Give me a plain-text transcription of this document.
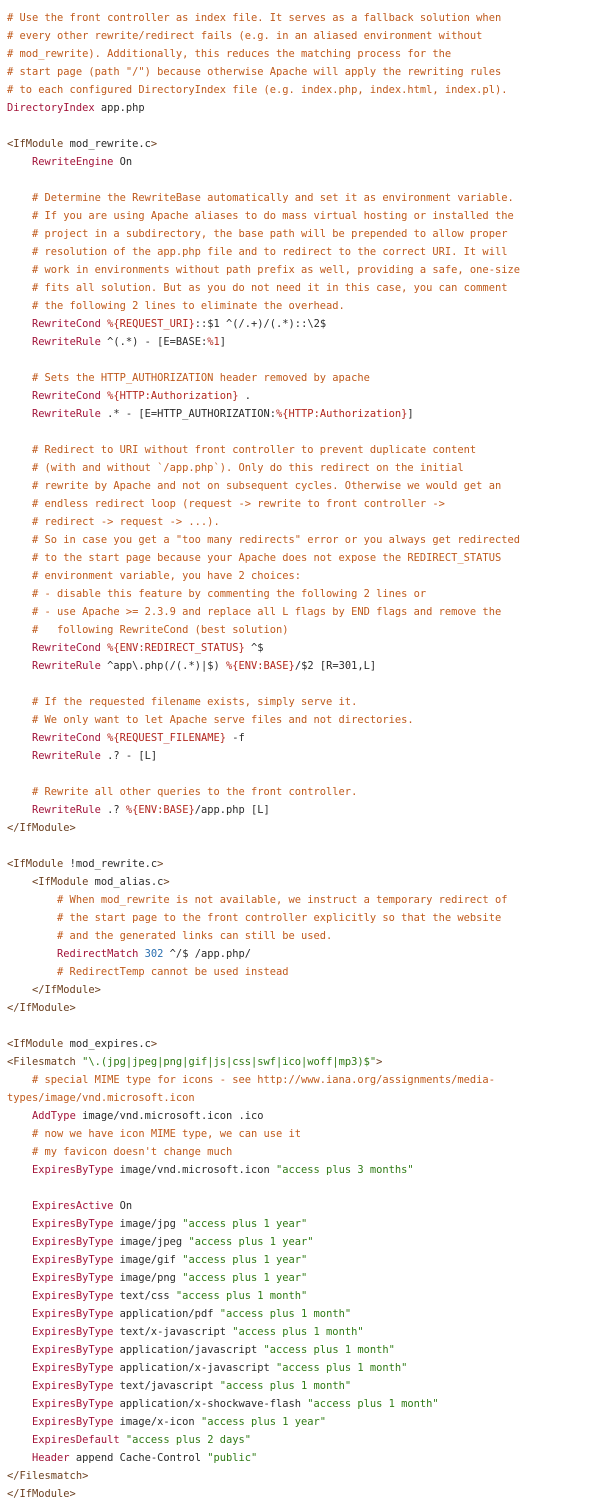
# Use the front controller as index file. It serves as a fallback solution when
# every other rewrite/redirect fails (e.g. in an aliased environment without
# mod_rewrite). Additionally, this reduces the matching process for the
# start page (path "/") because otherwise Apache will apply the rewriting rules
# to each configured DirectoryIndex file (e.g. index.php, index.html, index.pl).
DirectoryIndex app.php

<IfModule mod_rewrite.c>
RewriteEngine On

# Determine the RewriteBase automatically and set it as environment variable.
# If you are using Apache aliases to do mass virtual hosting or installed the
# project in a subdirectory, the base path will be prepended to allow proper
# resolution of the app.php file and to redirect to the correct URI. It will
# work in environments without path prefix as well, providing a safe, one-size
# fits all solution. But as you do not need it in this case, you can comment
# the following 2 lines to eliminate the overhead.
RewriteCond %{REQUEST_URI}::$1 ^(/.+)/(.*)::\2$
RewriteRule ^(.*) - [E=BASE:%1]

# Sets the HTTP_AUTHORIZATION header removed by apache
RewriteCond %{HTTP:Authorization} .
RewriteRule .* - [E=HTTP_AUTHORIZATION:%{HTTP:Authorization}]

# Redirect to URI without front controller to prevent duplicate content
# (with and without `/app.php`). Only do this redirect on the initial
# rewrite by Apache and not on subsequent cycles. Otherwise we would get an
# endless redirect loop (request -> rewrite to front controller ->
# redirect -> request -> ...).
# So in case you get a "too many redirects" error or you always get redirected
# to the start page because your Apache does not expose the REDIRECT_STATUS
# environment variable, you have 2 choices:
# - disable this feature by commenting the following 2 lines or
# - use Apache >= 2.3.9 and replace all L flags by END flags and remove the
#   following RewriteCond (best solution)
RewriteCond %{ENV:REDIRECT_STATUS} ^$
RewriteRule ^app\.php(/(.*)|$) %{ENV:BASE}/$2 [R=301,L]

# If the requested filename exists, simply serve it.
# We only want to let Apache serve files and not directories.
RewriteCond %{REQUEST_FILENAME} -f
RewriteRule .? - [L]

# Rewrite all other queries to the front controller.
RewriteRule .? %{ENV:BASE}/app.php [L]
</IfModule>

<IfModule !mod_rewrite.c>
<IfModule mod_alias.c>
# When mod_rewrite is not available, we instruct a temporary redirect of
# the start page to the front controller explicitly so that the website
# and the generated links can still be used.
RedirectMatch 302 ^/$ /app.php/
# RedirectTemp cannot be used instead
</IfModule>
</IfModule>

<IfModule mod_expires.c>
<Filesmatch "\.(jpg|jpeg|png|gif|js|css|swf|ico|woff|mp3)$">
# special MIME type for icons - see http://www.iana.org/assignments/media-
types/image/vnd.microsoft.icon
AddType image/vnd.microsoft.icon .ico
# now we have icon MIME type, we can use it
# my favicon doesn't change much
ExpiresByType image/vnd.microsoft.icon "access plus 3 months"

ExpiresActive On
ExpiresByType image/jpg "access plus 1 year"
ExpiresByType image/jpeg "access plus 1 year"
ExpiresByType image/gif "access plus 1 year"
ExpiresByType image/png "access plus 1 year"
ExpiresByType text/css "access plus 1 month"
ExpiresByType application/pdf "access plus 1 month"
ExpiresByType text/x-javascript "access plus 1 month"
ExpiresByType application/javascript "access plus 1 month"
ExpiresByType application/x-javascript "access plus 1 month"
ExpiresByType text/javascript "access plus 1 month"
ExpiresByType application/x-shockwave-flash "access plus 1 month"
ExpiresByType image/x-icon "access plus 1 year"
ExpiresDefault "access plus 2 days"
Header append Cache-Control "public"
</Filesmatch>
</IfModule>
